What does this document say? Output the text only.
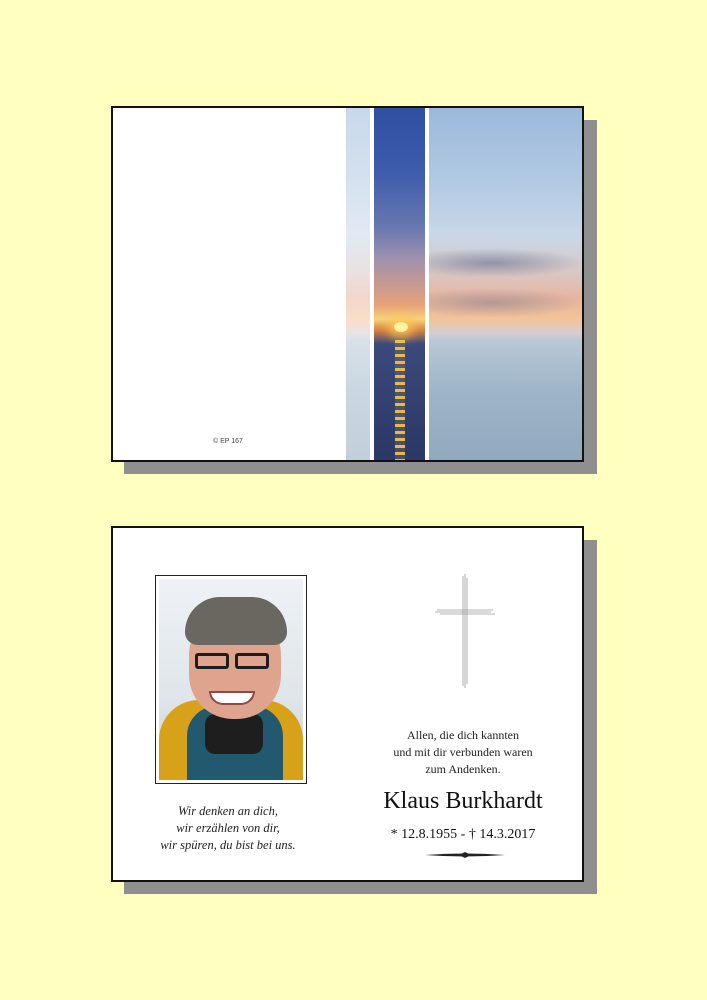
© EP 167
Wir denken an dich,
wir erzählen von dir,
wir spüren, du bist bei uns.
Allen, die dich kannten
und mit dir verbunden waren
zum Andenken.
Klaus Burkhardt
* 12.8.1955 - † 14.3.2017
